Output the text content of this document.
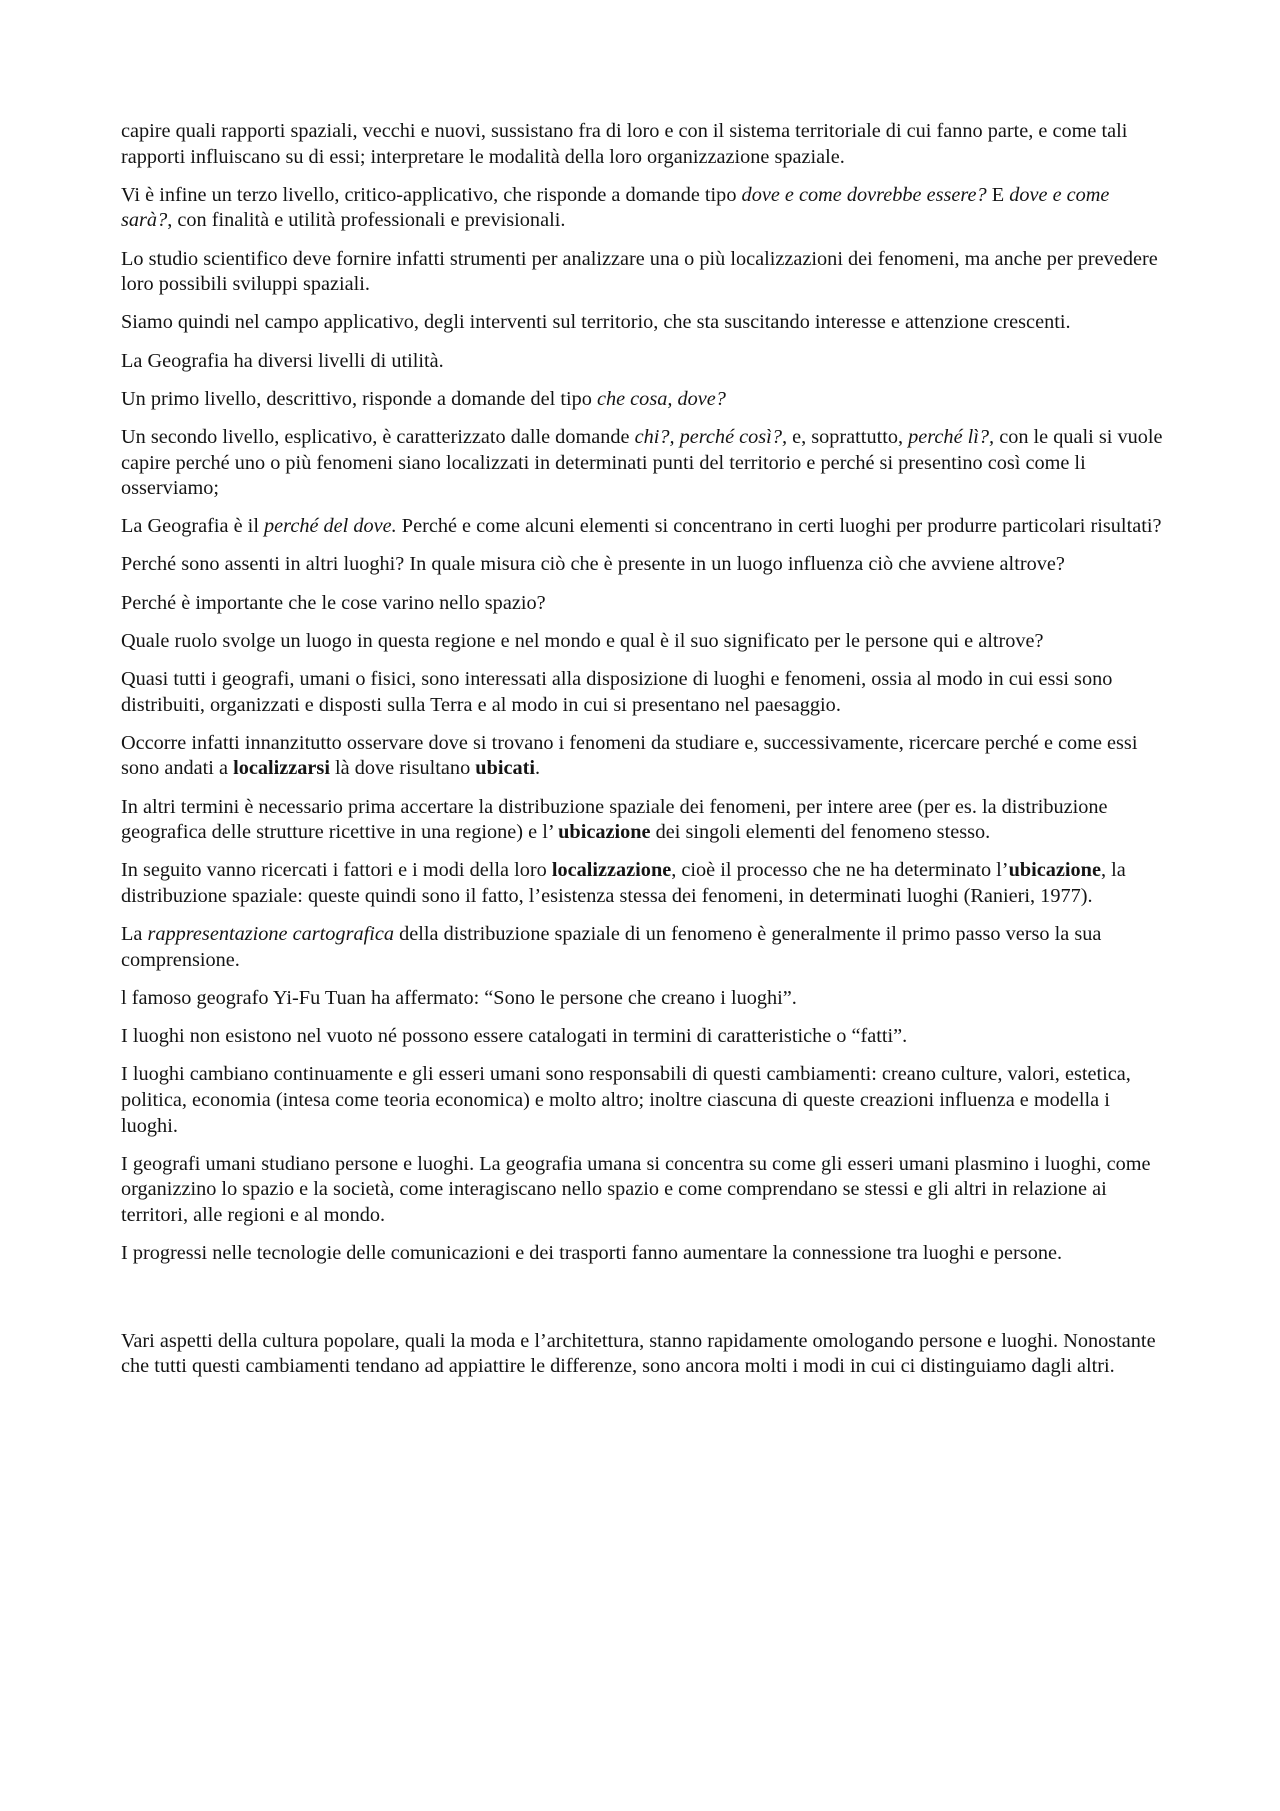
capire quali rapporti spaziali, vecchi e nuovi, sussistano fra di loro e con il sistema territoriale di cui fanno parte, e come tali rapporti influiscano su di essi; interpretare le modalità della loro organizzazione spaziale.

Vi è infine un terzo livello, critico-applicativo, che risponde a domande tipo dove e come dovrebbe essere? E dove e come sarà?, con finalità e utilità professionali e previsionali.

Lo studio scientifico deve fornire infatti strumenti per analizzare una o più localizzazioni dei fenomeni, ma anche per prevedere loro possibili sviluppi spaziali.

Siamo quindi nel campo applicativo, degli interventi sul territorio, che sta suscitando interesse e attenzione crescenti.

La Geografia ha diversi livelli di utilità.

Un primo livello, descrittivo, risponde a domande del tipo che cosa, dove?

Un secondo livello, esplicativo, è caratterizzato dalle domande chi?, perché così?, e, soprattutto, perché lì?, con le quali si vuole capire perché uno o più fenomeni siano localizzati in determinati punti del territorio e perché si presentino così come li osserviamo;

La Geografia è il perché del dove. Perché e come alcuni elementi si concentrano in certi luoghi per produrre particolari risultati?

Perché sono assenti in altri luoghi? In quale misura ciò che è presente in un luogo influenza ciò che avviene altrove?

Perché è importante che le cose varino nello spazio?

Quale ruolo svolge un luogo in questa regione e nel mondo e qual è il suo significato per le persone qui e altrove?

Quasi tutti i geografi, umani o fisici, sono interessati alla disposizione di luoghi e fenomeni, ossia al modo in cui essi sono distribuiti, organizzati e disposti sulla Terra e al modo in cui si presentano nel paesaggio.

Occorre infatti innanzitutto osservare dove si trovano i fenomeni da studiare e, successivamente, ricercare perché e come essi sono andati a localizzarsi là dove risultano ubicati.

In altri termini è necessario prima accertare la distribuzione spaziale dei fenomeni, per intere aree (per es. la distribuzione geografica delle strutture ricettive in una regione) e l’ ubicazione dei singoli elementi del fenomeno stesso.

In seguito vanno ricercati i fattori e i modi della loro localizzazione, cioè il processo che ne ha determinato l’ubicazione, la distribuzione spaziale: queste quindi sono il fatto, l’esistenza stessa dei fenomeni, in determinati luoghi (Ranieri, 1977).

La rappresentazione cartografica della distribuzione spaziale di un fenomeno è generalmente il primo passo verso la sua comprensione.

l famoso geografo Yi-Fu Tuan ha affermato: “Sono le persone che creano i luoghi”.

I luoghi non esistono nel vuoto né possono essere catalogati in termini di caratteristiche o “fatti”.

I luoghi cambiano continuamente e gli esseri umani sono responsabili di questi cambiamenti: creano culture, valori, estetica, politica, economia (intesa come teoria economica) e molto altro; inoltre ciascuna di queste creazioni influenza e modella i luoghi.

I geografi umani studiano persone e luoghi. La geografia umana si concentra su come gli esseri umani plasmino i luoghi, come organizzino lo spazio e la società, come interagiscano nello spazio e come comprendano se stessi e gli altri in relazione ai territori, alle regioni e al mondo.

I progressi nelle tecnologie delle comunicazioni e dei trasporti fanno aumentare la connessione tra luoghi e persone.

Vari aspetti della cultura popolare, quali la moda e l’architettura, stanno rapidamente omologando persone e luoghi. Nonostante che tutti questi cambiamenti tendano ad appiattire le differenze, sono ancora molti i modi in cui ci distinguiamo dagli altri.
